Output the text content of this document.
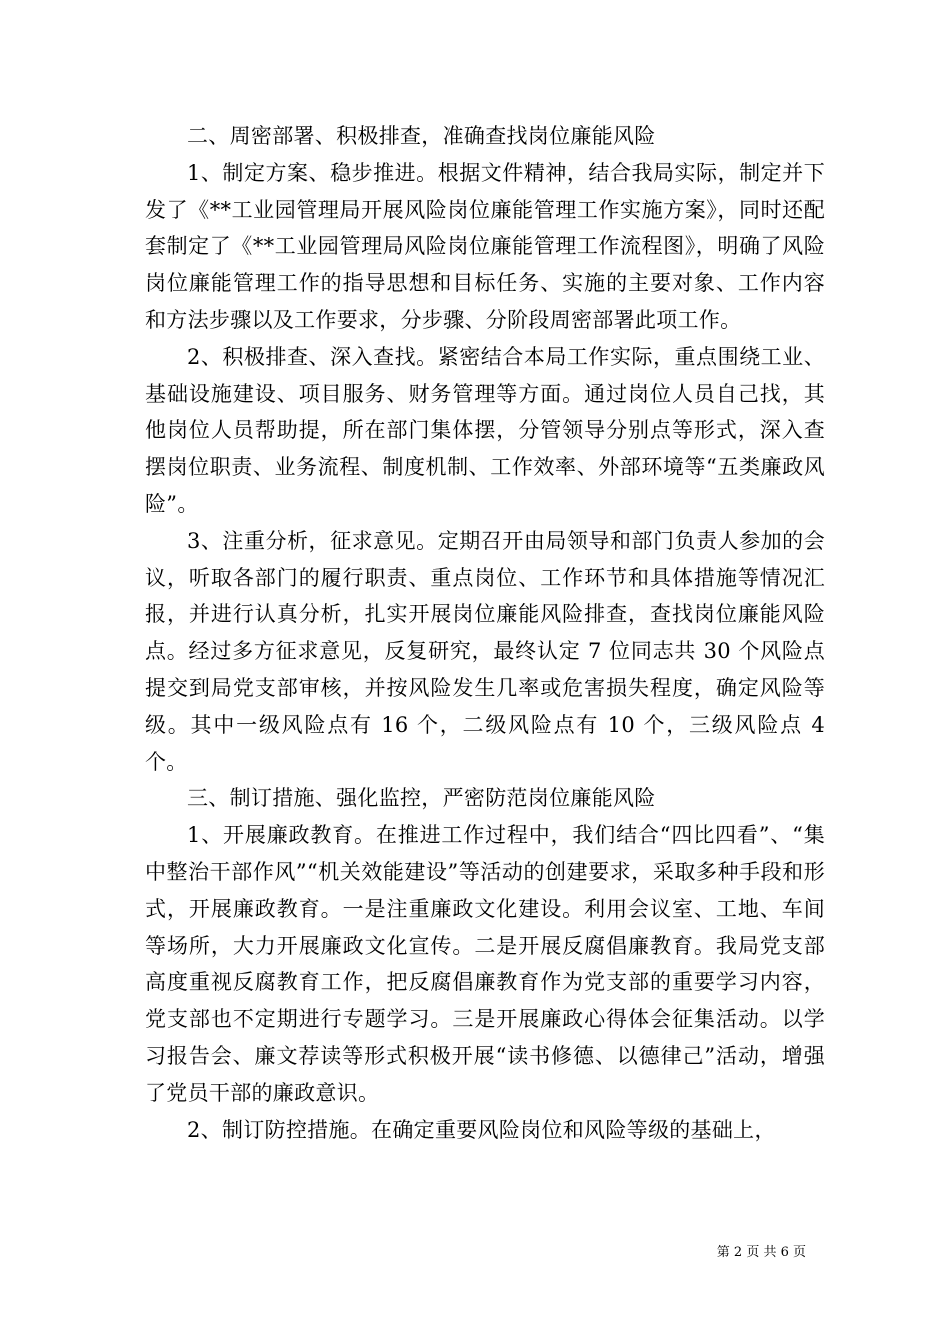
二、周密部署、积极排查，准确查找岗位廉能风险

1、制定方案、稳步推进。根据文件精神，结合我局实际，制定并下发了《**工业园管理局开展风险岗位廉能管理工作实施方案》，同时还配套制定了《**工业园管理局风险岗位廉能管理工作流程图》，明确了风险岗位廉能管理工作的指导思想和目标任务、实施的主要对象、工作内容和方法步骤以及工作要求，分步骤、分阶段周密部署此项工作。

2、积极排查、深入查找。紧密结合本局工作实际，重点围绕工业、基础设施建设、项目服务、财务管理等方面。通过岗位人员自己找，其他岗位人员帮助提，所在部门集体摆，分管领导分别点等形式，深入查摆岗位职责、业务流程、制度机制、工作效率、外部环境等“五类廉政风险”。

3、注重分析，征求意见。定期召开由局领导和部门负责人参加的会议，听取各部门的履行职责、重点岗位、工作环节和具体措施等情况汇报，并进行认真分析，扎实开展岗位廉能风险排查，查找岗位廉能风险点。经过多方征求意见，反复研究，最终认定 7 位同志共 30 个风险点提交到局党支部审核，并按风险发生几率或危害损失程度，确定风险等级。其中一级风险点有 16 个，二级风险点有 10 个，三级风险点 4 个。

三、制订措施、强化监控，严密防范岗位廉能风险

1、开展廉政教育。在推进工作过程中，我们结合“四比四看”、“集中整治干部作风”“机关效能建设”等活动的创建要求，采取多种手段和形式，开展廉政教育。一是注重廉政文化建设。利用会议室、工地、车间等场所，大力开展廉政文化宣传。二是开展反腐倡廉教育。我局党支部高度重视反腐教育工作，把反腐倡廉教育作为党支部的重要学习内容，党支部也不定期进行专题学习。三是开展廉政心得体会征集活动。以学习报告会、廉文荐读等形式积极开展“读书修德、以德律己”活动，增强了党员干部的廉政意识。

2、制订防控措施。在确定重要风险岗位和风险等级的基础上，

第 2 页 共 6 页
